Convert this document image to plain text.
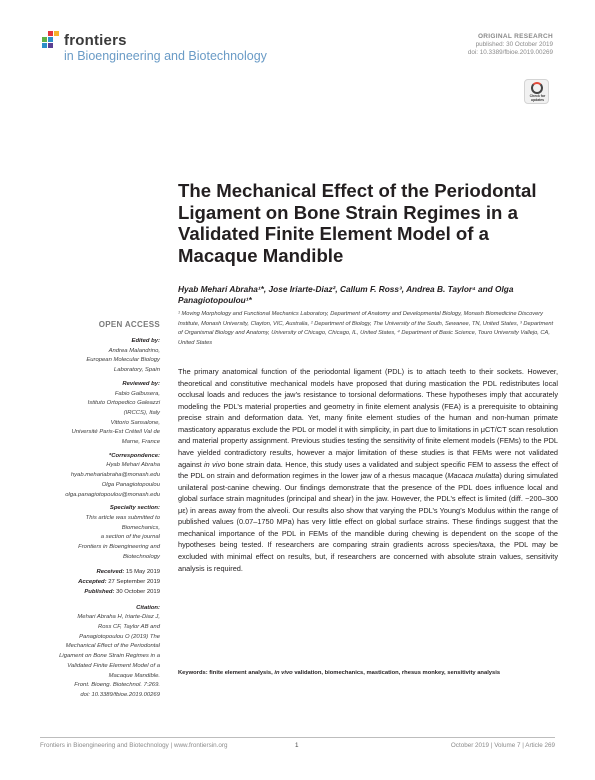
frontiers
in Bioengineering and Biotechnology
ORIGINAL RESEARCH
published: 30 October 2019
doi: 10.3389/fbioe.2019.00269
Check for updates
The Mechanical Effect of the Periodontal Ligament on Bone Strain Regimes in a Validated Finite Element Model of a Macaque Mandible
Hyab Mehari Abraha¹*, Jose Iriarte-Diaz², Callum F. Ross³, Andrea B. Taylor⁴ and Olga Panagiotopoulou¹*
¹ Moving Morphology and Functional Mechanics Laboratory, Department of Anatomy and Developmental Biology, Monash Biomedicine Discovery Institute, Monash University, Clayton, VIC, Australia, ² Department of Biology, The University of the South, Sewanee, TN, United States, ³ Department of Organismal Biology and Anatomy, University of Chicago, Chicago, IL, United States, ⁴ Department of Basic Science, Touro University Vallejo, CA, United States
OPEN ACCESS
Edited by:
Andrea Malandrino,
European Molecular Biology
Laboratory, Spain
Reviewed by:
Fabio Galbusera,
Istituto Ortopedico Galeazzi
(IRCCS), Italy
Vittorio Sansalone,
Université Paris-Est Créteil Val de
Marne, France
*Correspondence:
Hyab Mehari Abraha
hyab.mehariabraha@monash.edu
Olga Panagiotopoulou
olga.panagiotopoulou@monash.edu
Specialty section:
This article was submitted to
Biomechanics,
a section of the journal
Frontiers in Bioengineering and
Biotechnology
Received: 15 May 2019
Accepted: 27 September 2019
Published: 30 October 2019
Citation:
Mehari Abraha H, Iriarte-Diaz J,
Ross CF, Taylor AB and
Panagiotopoulou O (2019) The
Mechanical Effect of the Periodontal
Ligament on Bone Strain Regimes in a
Validated Finite Element Model of a
Macaque Mandible.
Front. Bioeng. Biotechnol. 7:269.
doi: 10.3389/fbioe.2019.00269
The primary anatomical function of the periodontal ligament (PDL) is to attach teeth to their sockets. However, theoretical and constitutive mechanical models have proposed that during mastication the PDL redistributes local occlusal loads and reduces the jaw’s resistance to torsional deformations. These hypotheses imply that accurately modeling the PDL’s material properties and geometry in finite element analysis (FEA) is a prerequisite to obtaining precise strain and deformation data. Yet, many finite element studies of the human and non-human primate masticatory apparatus exclude the PDL or model it with simplicity, in part due to limitations in μCT/CT scan resolution and material property assignment. Previous studies testing the sensitivity of finite element models (FEMs) to the PDL have yielded contradictory results, however a major limitation of these studies is that FEMs were not validated against in vivo bone strain data. Hence, this study uses a validated and subject specific FEM to assess the effect of the PDL on strain and deformation regimes in the lower jaw of a rhesus macaque (Macaca mulatta) during simulated unilateral post-canine chewing. Our findings demonstrate that the presence of the PDL does influence local and global surface strain magnitudes (principal and shear) in the jaw. However, the PDL’s effect is limited (diff. ~200–300 με) in areas away from the alveoli. Our results also show that varying the PDL’s Young’s Modulus within the range of published values (0.07–1750 MPa) has very little effect on global surface strains. These findings suggest that the mechanical importance of the PDL in FEMs of the mandible during chewing is dependent on the scope of the hypotheses being tested. If researchers are comparing strain gradients across species/taxa, the PDL may be excluded with minimal effect on results, but, if researchers are concerned with absolute strain values, sensitivity analysis is required.
Keywords: finite element analysis, in vivo validation, biomechanics, mastication, rhesus monkey, sensitivity analysis
Frontiers in Bioengineering and Biotechnology | www.frontiersin.org	1	October 2019 | Volume 7 | Article 269
